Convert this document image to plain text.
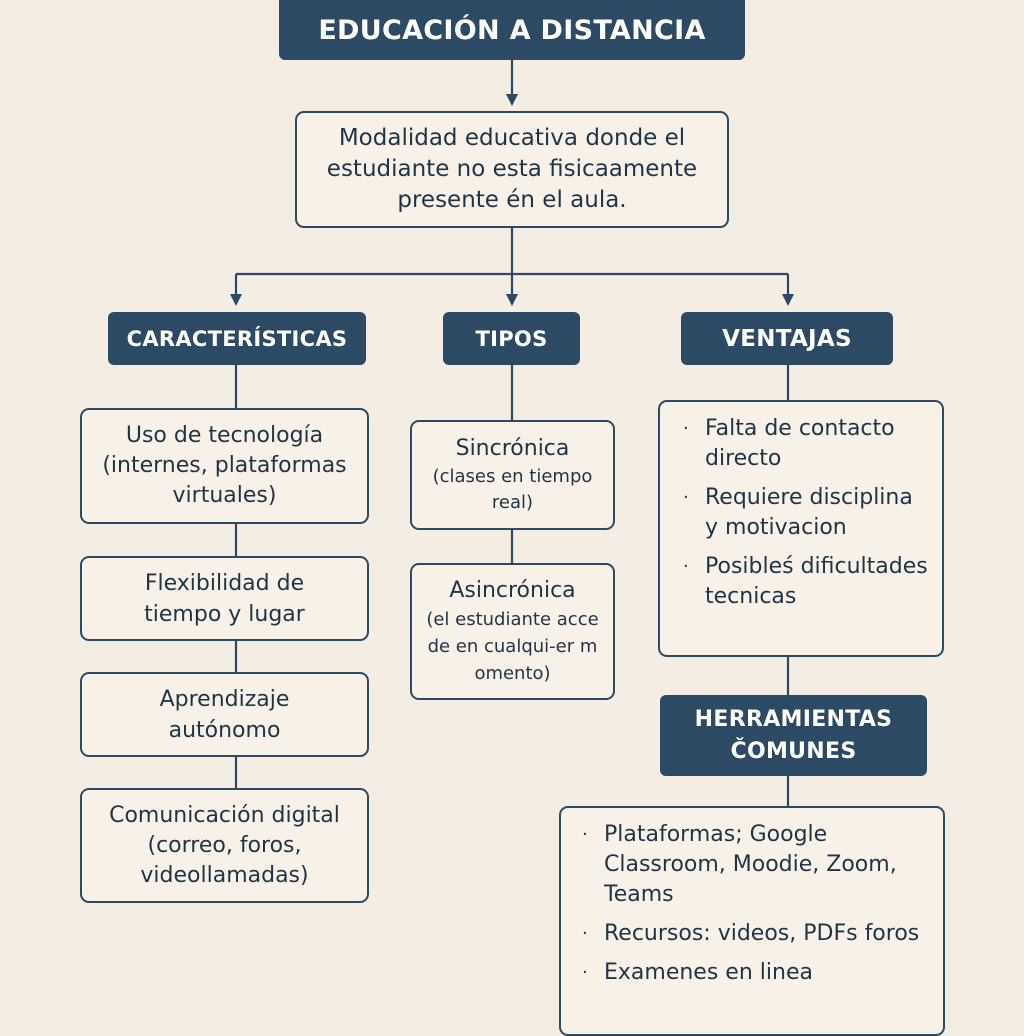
EDUCACIÓN A DISTANCIA
Modalidad educativa donde el estudiante no esta fisicaamente presente én el aula.
CARACTERÍSTICAS	TIPOS	VENTAJAS
Uso de tecnología (internes, plataformas virtuales)
Flexibilidad de tiempo y lugar
Aprendizaje autónomo
Comunicación digital (correo, foros, videollamadas)
Sincrónica
(clases en tiempo real)
Asincrónica
(el estudiante accede en cualqui-er momento)
· Falta de contacto directo
· Requiere disciplina y motivacion
· Posibleś dificultades tecnicas
HERRAMIENTAS ČOMUNES
· Plataformas; Google Classroom, Moodie, Zoom, Teams
· Recursos: videos, PDFs foros
· Examenes en linea
